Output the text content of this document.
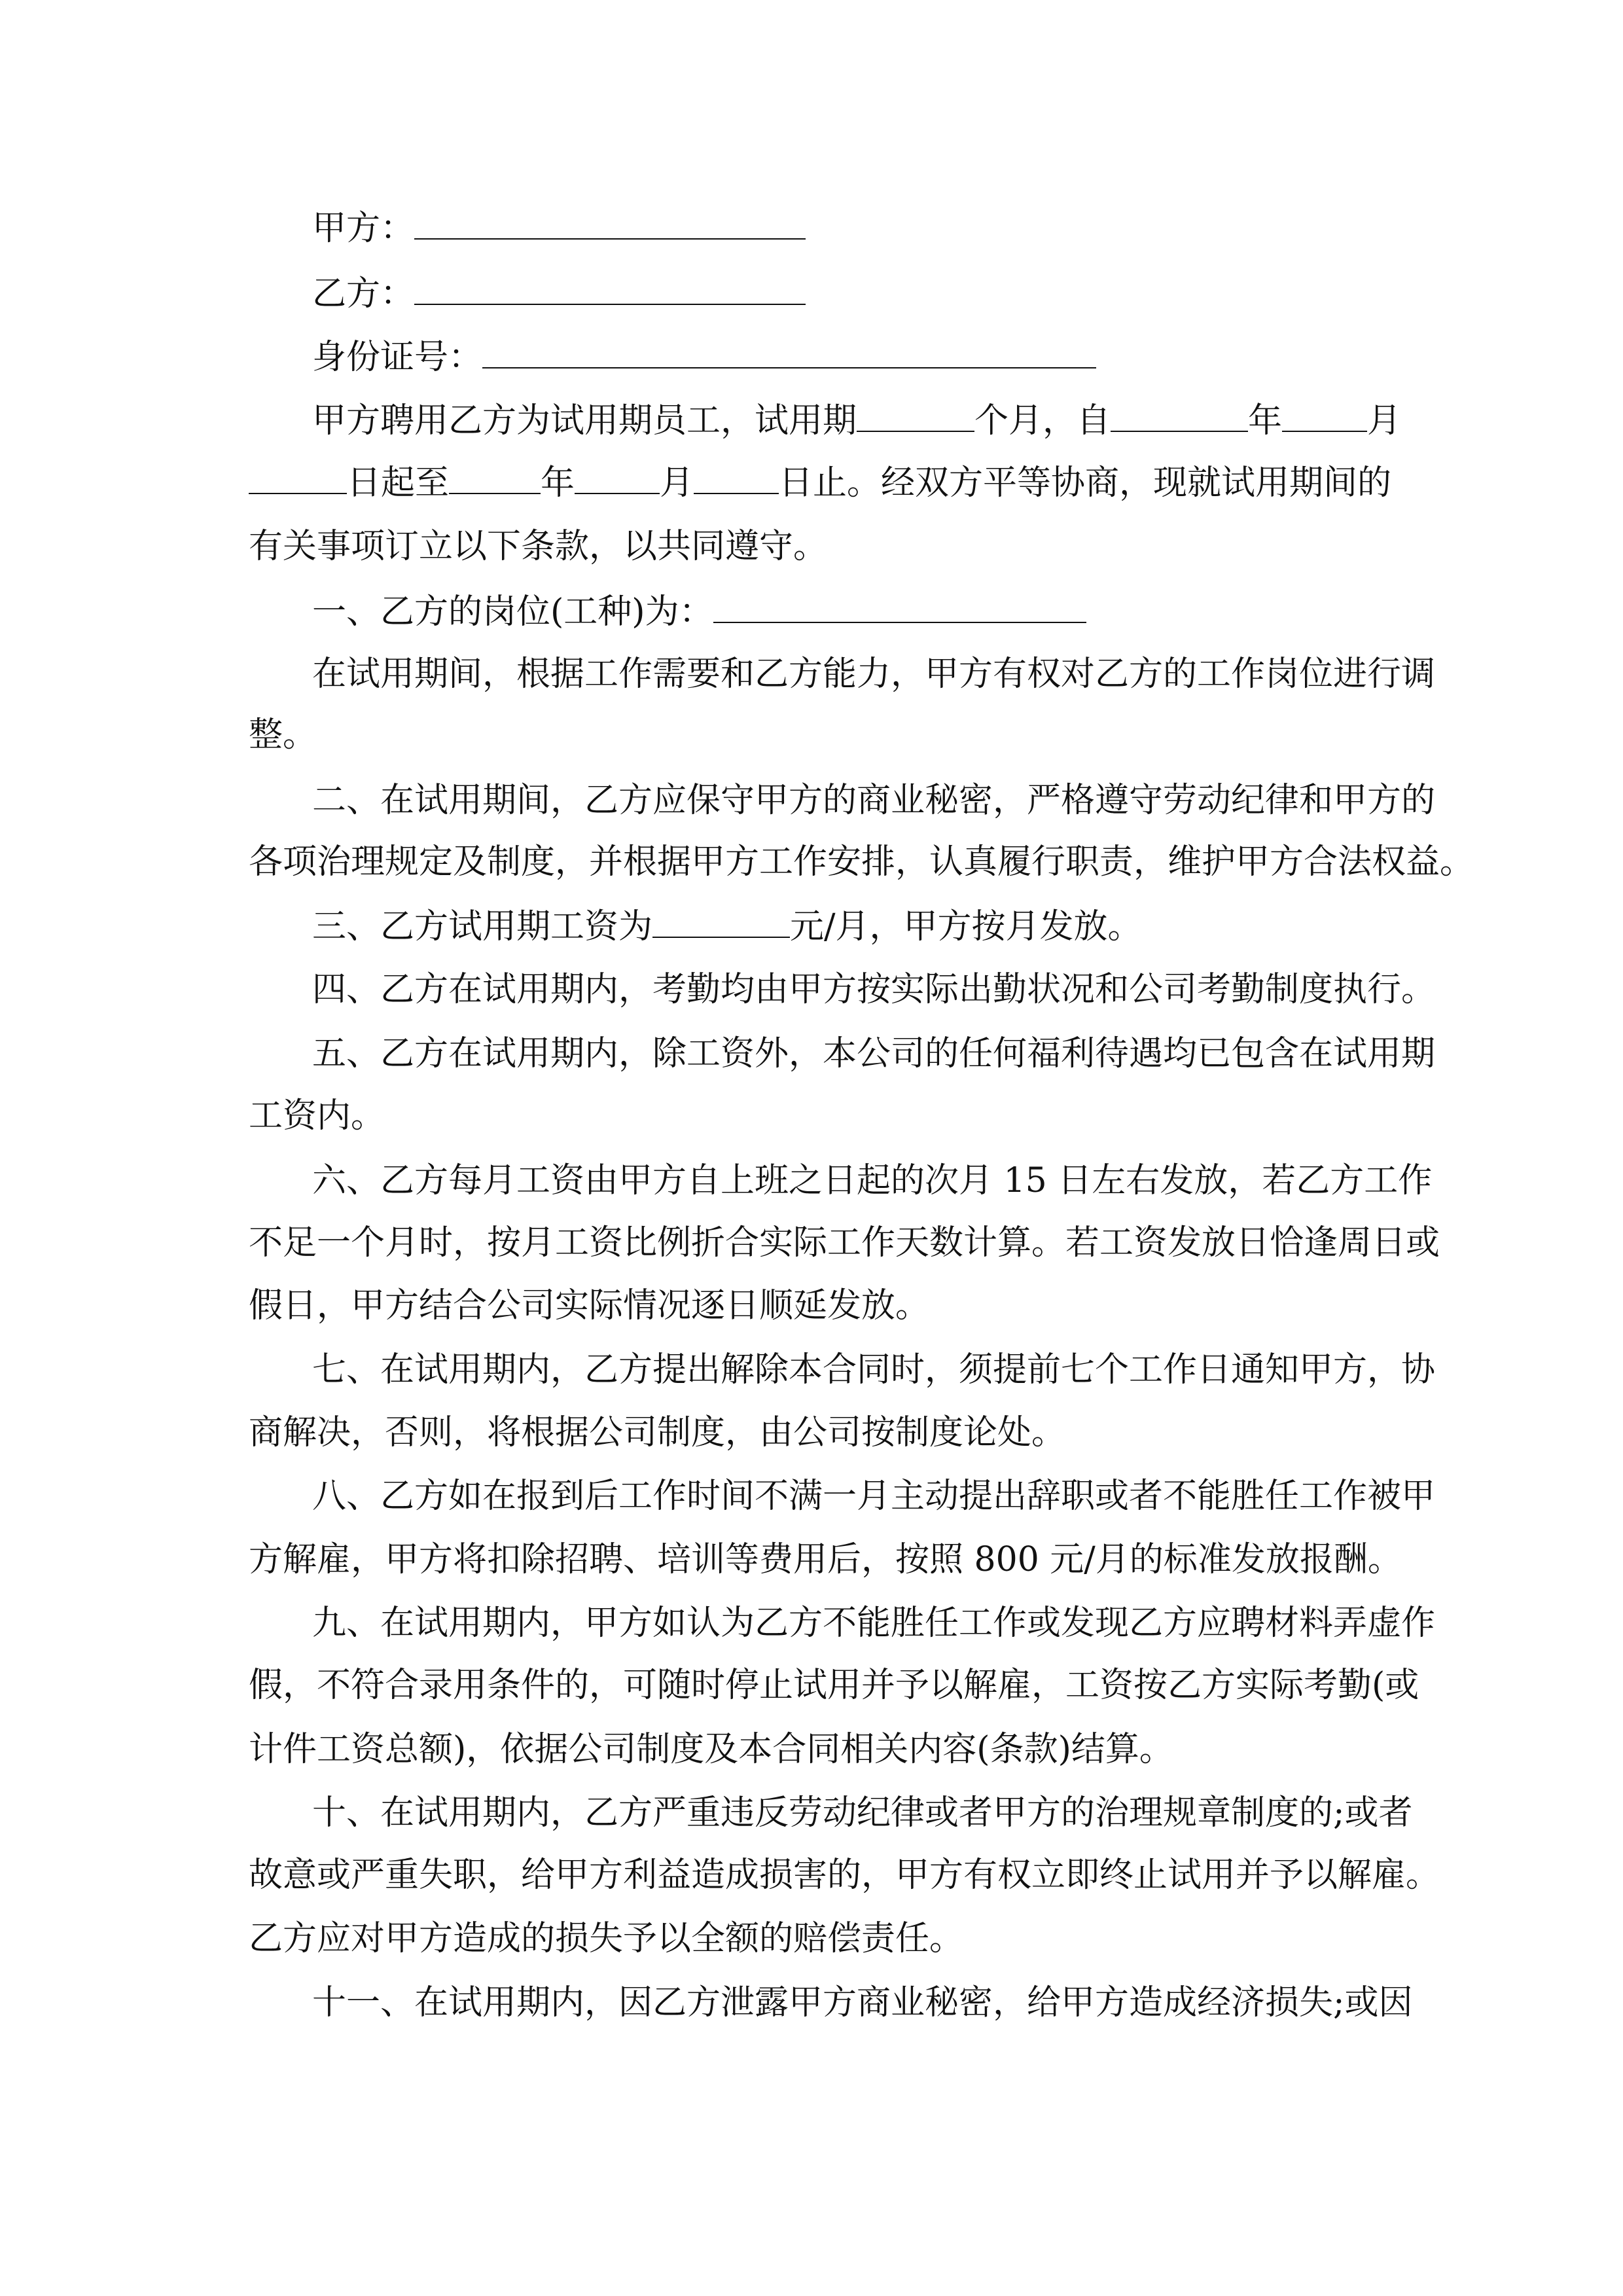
甲方：
乙方：
身份证号：
甲方聘用乙方为试用期员工，试用期	个月，自	年	月
日起至	年	月	日止。经双方平等协商，现就试用期间的
有关事项订立以下条款，以共同遵守。
一、乙方的岗位(工种)为：
在试用期间，根据工作需要和乙方能力，甲方有权对乙方的工作岗位进行调
整。
二、在试用期间，乙方应保守甲方的商业秘密，严格遵守劳动纪律和甲方的
各项治理规定及制度，并根据甲方工作安排，认真履行职责，维护甲方合法权益。
三、乙方试用期工资为	元/月，甲方按月发放。
四、乙方在试用期内，考勤均由甲方按实际出勤状况和公司考勤制度执行。
五、乙方在试用期内，除工资外，本公司的任何福利待遇均已包含在试用期
工资内。
六、乙方每月工资由甲方自上班之日起的次月 15 日左右发放，若乙方工作
不足一个月时，按月工资比例折合实际工作天数计算。若工资发放日恰逢周日或
假日，甲方结合公司实际情况逐日顺延发放。
七、在试用期内，乙方提出解除本合同时，须提前七个工作日通知甲方，协
商解决，否则，将根据公司制度，由公司按制度论处。
八、乙方如在报到后工作时间不满一月主动提出辞职或者不能胜任工作被甲
方解雇，甲方将扣除招聘、培训等费用后，按照 800 元/月的标准发放报酬。
九、在试用期内，甲方如认为乙方不能胜任工作或发现乙方应聘材料弄虚作
假，不符合录用条件的，可随时停止试用并予以解雇，工资按乙方实际考勤(或
计件工资总额)，依据公司制度及本合同相关内容(条款)结算。
十、在试用期内，乙方严重违反劳动纪律或者甲方的治理规章制度的;或者
故意或严重失职，给甲方利益造成损害的，甲方有权立即终止试用并予以解雇。
乙方应对甲方造成的损失予以全额的赔偿责任。
十一、在试用期内，因乙方泄露甲方商业秘密，给甲方造成经济损失;或因
